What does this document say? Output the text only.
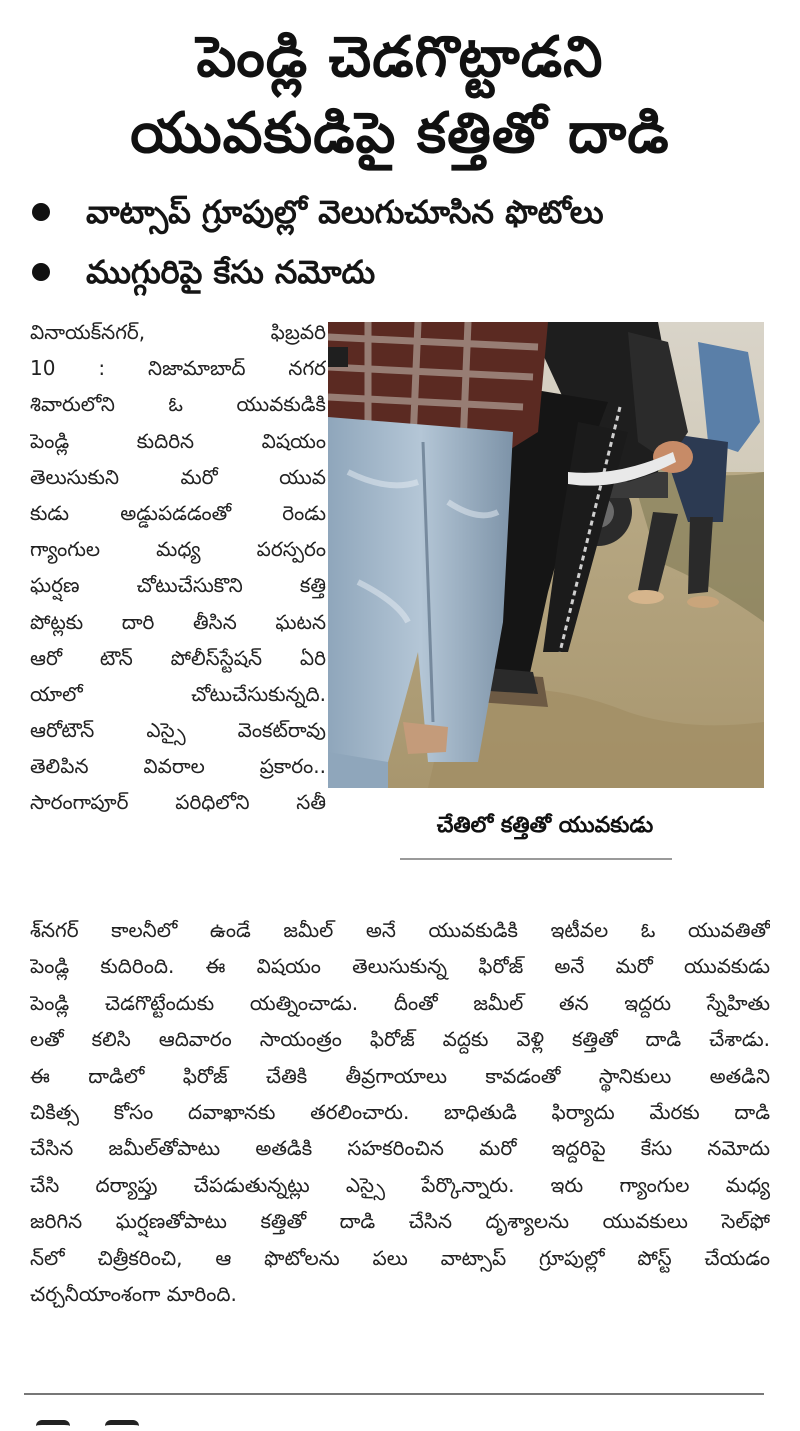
పెండ్లి చెడగొట్టాడని
యువకుడిపై కత్తితో దాడి
వాట్సాప్ గ్రూపుల్లో వెలుగుచూసిన ఫొటోలు
ముగ్గురిపై కేసు నమోదు
వినాయక్‌నగర్‌, ఫిబ్రవరి
10 : నిజామాబాద్‌ నగర
శివారులోని ఓ యువకుడికి
పెండ్లి కుదిరిన విషయం
తెలుసుకుని మరో యువ
కుడు అడ్డుపడడంతో రెండు
గ్యాంగుల మధ్య పరస్పరం
ఘర్షణ చోటుచేసుకొని కత్తి
పోట్లకు దారి తీసిన ఘటన
ఆరో టౌన్‌ పోలీస్‌స్టేషన్‌ ఏరి
యాలో చోటుచేసుకున్నది.
ఆరోటౌన్‌ ఎస్సై వెంకట్‌రావు
తెలిపిన వివరాల ప్రకారం..
సారంగాపూర్‌ పరిధిలోని సతీ
చేతిలో కత్తితో యువకుడు
శ్‌నగర్‌ కాలనీలో ఉండే జమీల్‌ అనే యువకుడికి ఇటీవల ఓ యువతితో
పెండ్లి కుదిరింది. ఈ విషయం తెలుసుకున్న ఫిరోజ్‌ అనే మరో యువకుడు
పెండ్లి చెడగొట్టేందుకు యత్నించాడు. దీంతో జమీల్‌ తన ఇద్దరు స్నేహితు
లతో కలిసి ఆదివారం సాయంత్రం ఫిరోజ్‌ వద్దకు వెళ్లి కత్తితో దాడి చేశాడు.
ఈ దాడిలో ఫిరోజ్‌ చేతికి తీవ్రగాయాలు కావడంతో స్థానికులు అతడిని
చికిత్స కోసం దవాఖానకు తరలించారు. బాధితుడి ఫిర్యాదు మేరకు దాడి
చేసిన జమీల్‌తోపాటు అతడికి సహకరించిన మరో ఇద్దరిపై కేసు నమోదు
చేసి దర్యాప్తు చేపడుతున్నట్లు ఎస్సై పేర్కొన్నారు. ఇరు గ్యాంగుల మధ్య
జరిగిన ఘర్షణతోపాటు కత్తితో దాడి చేసిన దృశ్యాలను యువకులు సెల్‌ఫో
న్‌లో చిత్రీకరించి, ఆ ఫొటోలను పలు వాట్సాప్‌ గ్రూపుల్లో పోస్ట్‌ చేయడం
చర్చనీయాంశంగా మారింది.
